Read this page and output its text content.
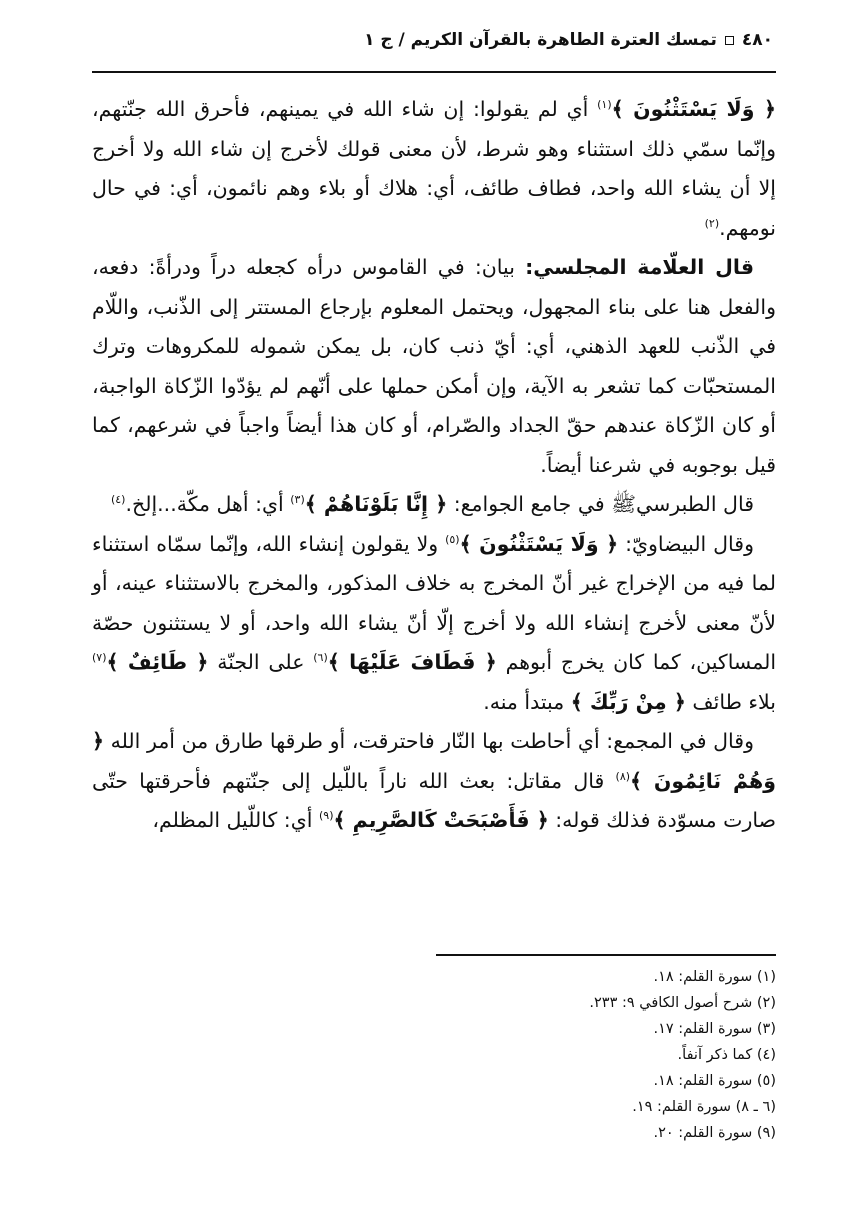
٤٨٠
تمسك العترة الطاهرة بالقرآن الكريم / ج ١

﴿ وَلَا يَسْتَثْنُونَ ﴾$^{(١)}$ أي لم يقولوا: إن شاء الله في يمينهم، فأحرق الله جنّتهم، وإنّما سمّي ذلك استثناء وهو شرط، لأن معنى قولك لأخرج إن شاء الله ولا أخرج إلا أن يشاء الله واحد، فطاف طائف، أي: هلاك أو بلاء وهم نائمون، أي: في حال نومهم.$^{(٢)}$

قال العلّامة المجلسي: بيان: في القاموس درأه كجعله دراً ودرأةً: دفعه، والفعل هنا على بناء المجهول، ويحتمل المعلوم بإرجاع المستتر إلى الذّنب، واللّام في الذّنب للعهد الذهني، أي: أيّ ذنب كان، بل يمكن شموله للمكروهات وترك المستحبّات كما تشعر به الآية، وإن أمكن حملها على أنّهم لم يؤدّوا الزّكاة الواجبة، أو كان الزّكاة عندهم حقّ الجداد والصّرام، أو كان هذا أيضاً واجباً في شرعهم، كما قيل بوجوبه في شرعنا أيضاً.

قال الطبرسيﷺ في جامع الجوامع: ﴿ إِنَّا بَلَوْنَاهُمْ ﴾$^{(٣)}$ أي: أهل مكّة...إلخ.$^{(٤)}$

وقال البيضاويّ: ﴿ وَلَا يَسْتَثْنُونَ ﴾$^{(٥)}$ ولا يقولون إنشاء الله، وإنّما سمّاه استثناء لما فيه من الإخراج غير أنّ المخرج به خلاف المذكور، والمخرج بالاستثناء عينه، أو لأنّ معنى لأخرج إنشاء الله ولا أخرج إلّا أنّ يشاء الله واحد، أو لا يستثنون حصّة المساكين، كما كان يخرج أبوهم ﴿ فَطَافَ عَلَيْهَا ﴾$^{(٦)}$ على الجنّة ﴿ طَائِفٌ ﴾$^{(٧)}$ بلاء طائف ﴿ مِنْ رَبِّكَ ﴾ مبتدأ منه.

وقال في المجمع: أي أحاطت بها النّار فاحترقت، أو طرقها طارق من أمر الله ﴿ وَهُمْ نَائِمُونَ ﴾$^{(٨)}$ قال مقاتل: بعث الله ناراً باللّيل إلى جنّتهم فأحرقتها حتّى صارت مسوّدة فذلك قوله: ﴿ فَأَصْبَحَتْ كَالصَّرِيمِ ﴾$^{(٩)}$ أي: كاللّيل المظلم،

(١) سورة القلم: ١٨.
(٢) شرح أصول الكافي ٩: ٢٣٣.
(٣) سورة القلم: ١٧.
(٤) كما ذكر آنفاً.
(٥) سورة القلم: ١٨.
(٦ ـ ٨) سورة القلم: ١٩.
(٩) سورة القلم: ٢٠.
